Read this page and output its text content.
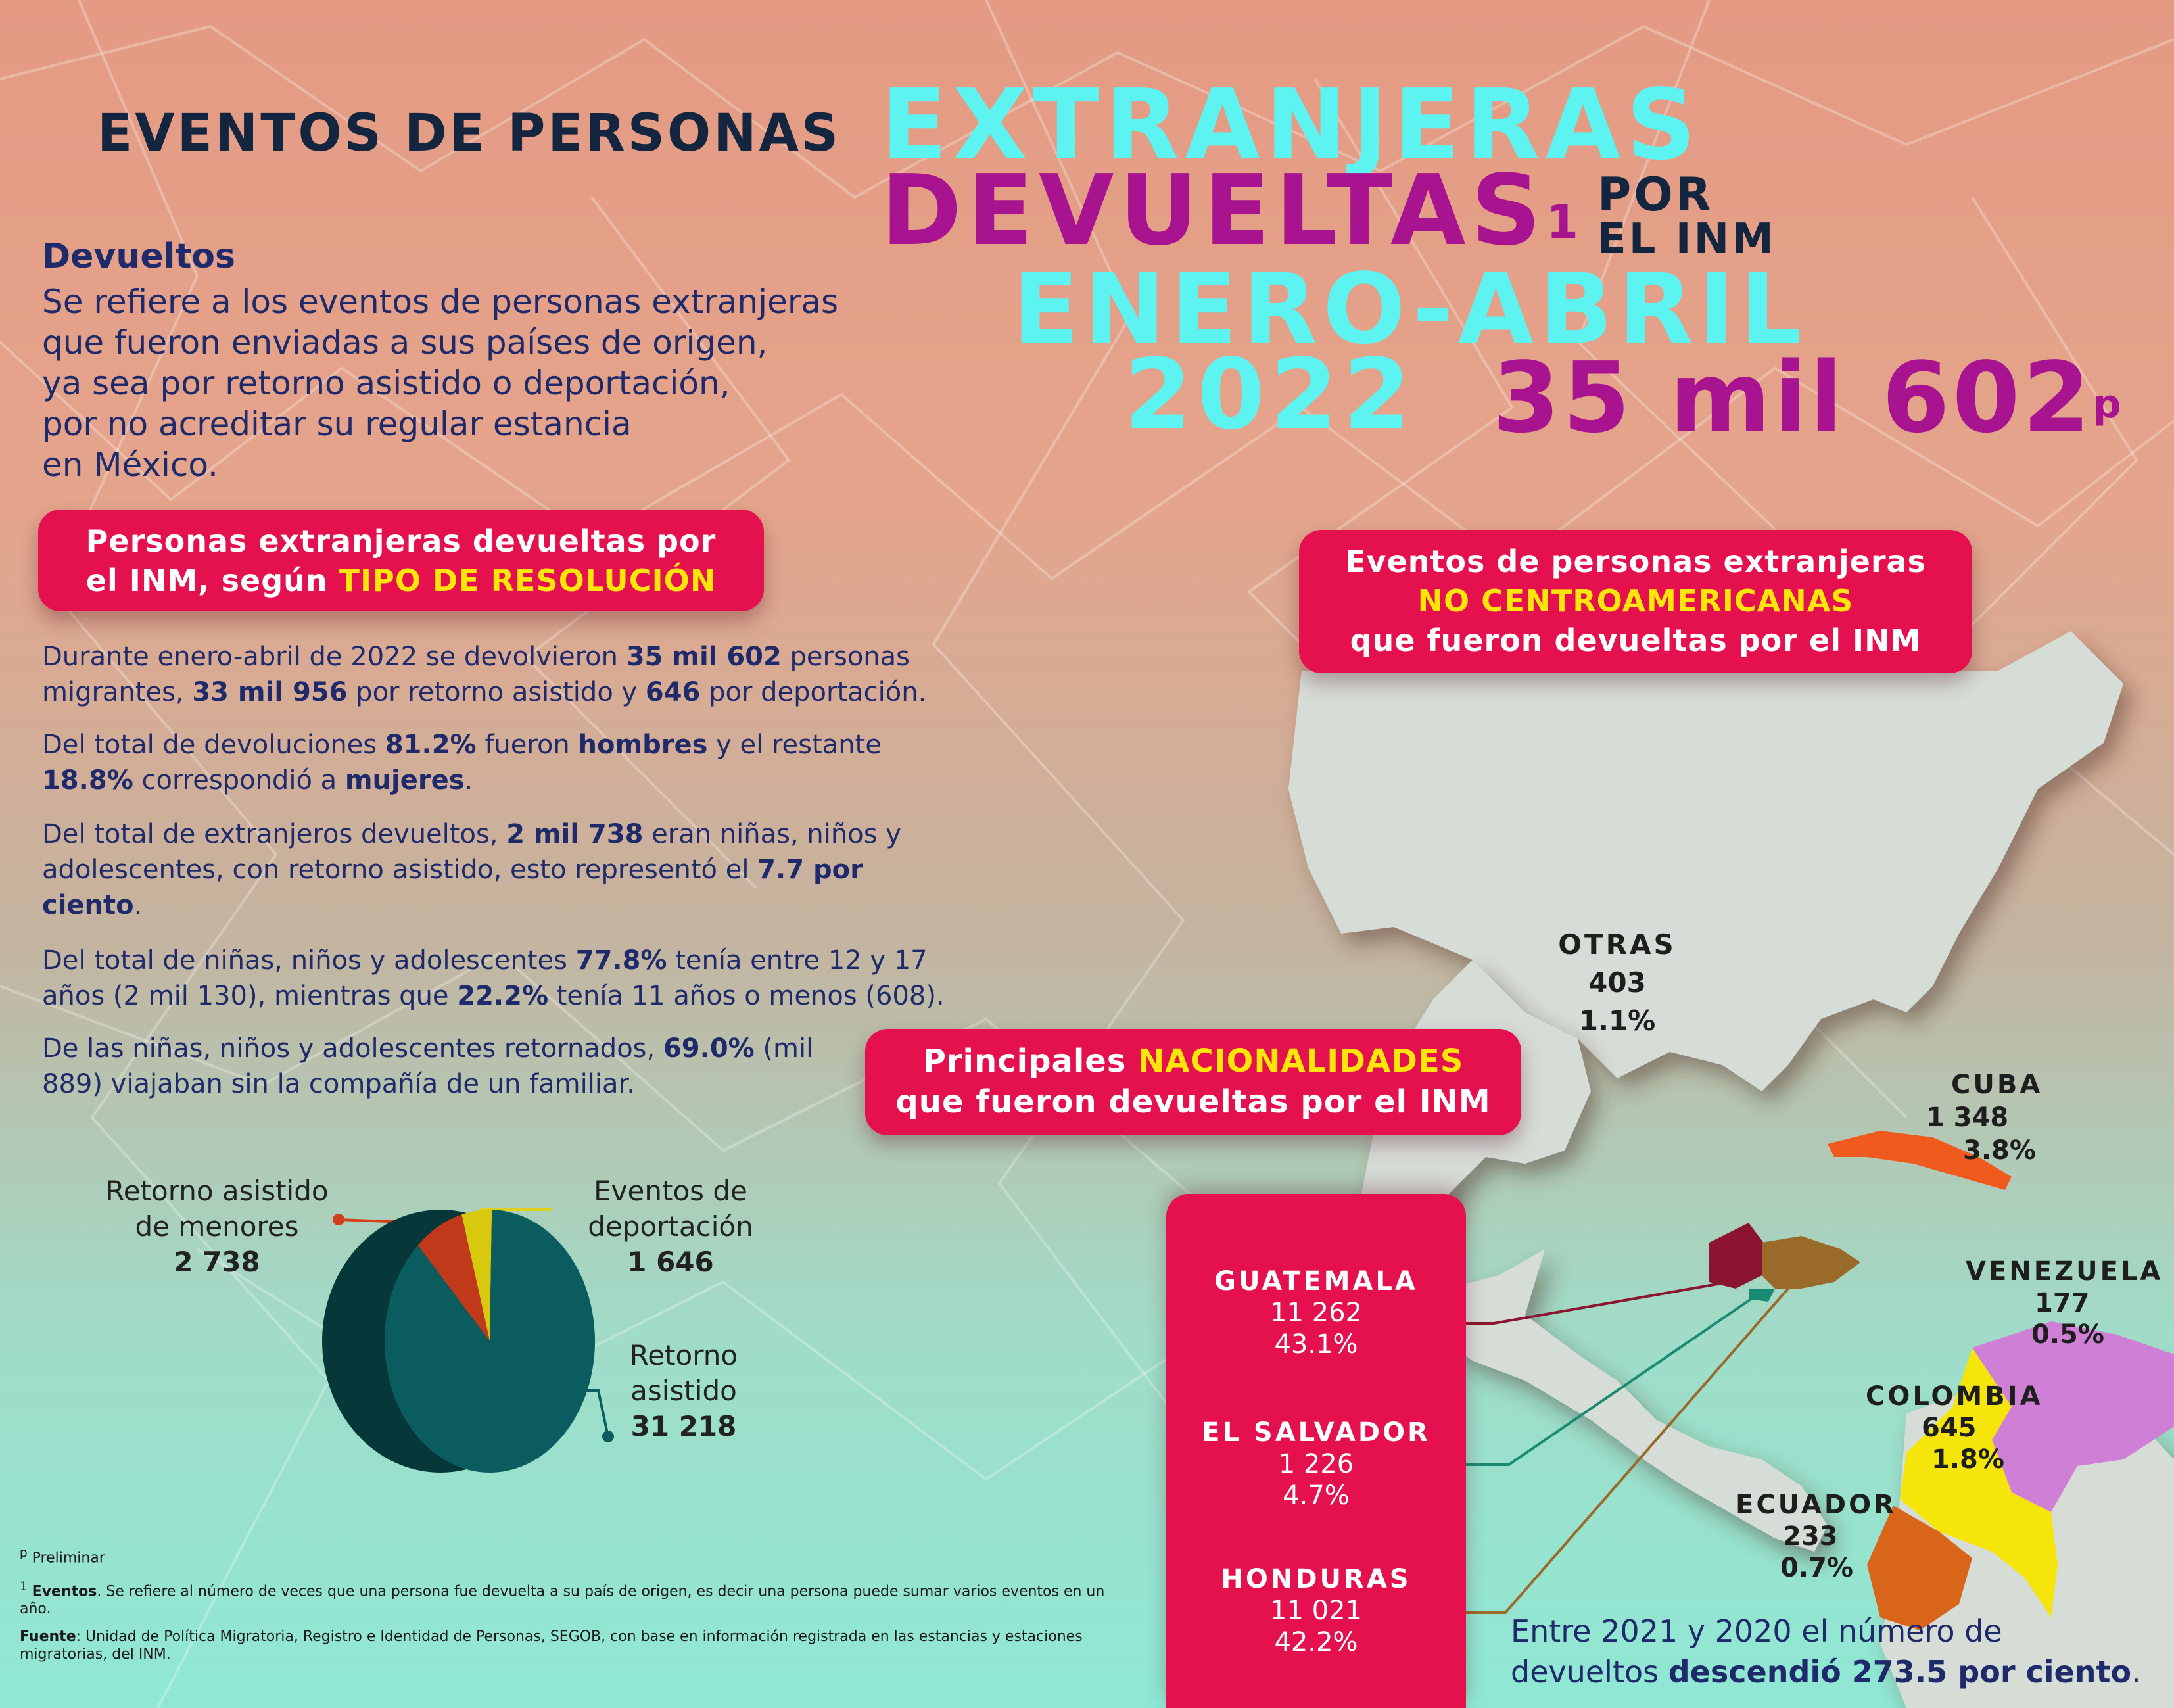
EVENTOS DE PERSONAS EXTRANJERAS
DEVUELTAS$^1$
POR
EL INM
ENERO-ABRIL
2022 35 mil 602$^p$
Devueltos
Se refiere a los eventos de personas extranjeras
que fueron enviadas a sus países de origen,
ya sea por retorno asistido o deportación,
por no acreditar su regular estancia
en México.
Personas extranjeras devueltas por
el INM, según TIPO DE RESOLUCIÓN
Durante enero-abril de 2022 se devolvieron 35 mil 602 personas migrantes, 33 mil 956 por retorno asistido y 646 por deportación.
Del total de devoluciones 81.2% fueron hombres y el restante 18.8% correspondió a mujeres.
Del total de extranjeros devueltos, 2 mil 738 eran niñas, niños y adolescentes, con retorno asistido, esto representó el 7.7 por ciento.
Del total de niñas, niños y adolescentes 77.8% tenía entre 12 y 17 años (2 mil 130), mientras que 22.2% tenía 11 años o menos (608).
De las niñas, niños y adolescentes retornados, 69.0% (mil 889) viajaban sin la compañía de un familiar.
Retorno asistido
de menores
2 738
Eventos de
deportación
1 646
Retorno
asistido
31 218
$^p$ Preliminar
$^1$ Eventos. Se refiere al número de veces que una persona fue devuelta a su país de origen, es decir una persona puede sumar varios eventos en un año.
Fuente: Unidad de Política Migratoria, Registro e Identidad de Personas, SEGOB, con base en información registrada en las estancias y estaciones migratorias, del INM.
Eventos de personas extranjeras
NO CENTROAMERICANAS
que fueron devueltas por el INM
Principales NACIONALIDADES
que fueron devueltas por el INM
GUATEMALA
11 262
43.1%
EL SALVADOR
1 226
4.7%
HONDURAS
11 021
42.2%
OTRAS
403
1.1%
CUBA
1 348
3.8%
VENEZUELA
177
0.5%
COLOMBIA
645
1.8%
ECUADOR
233
0.7%
Entre 2021 y 2020 el número de
devueltos descendió 273.5 por ciento.
